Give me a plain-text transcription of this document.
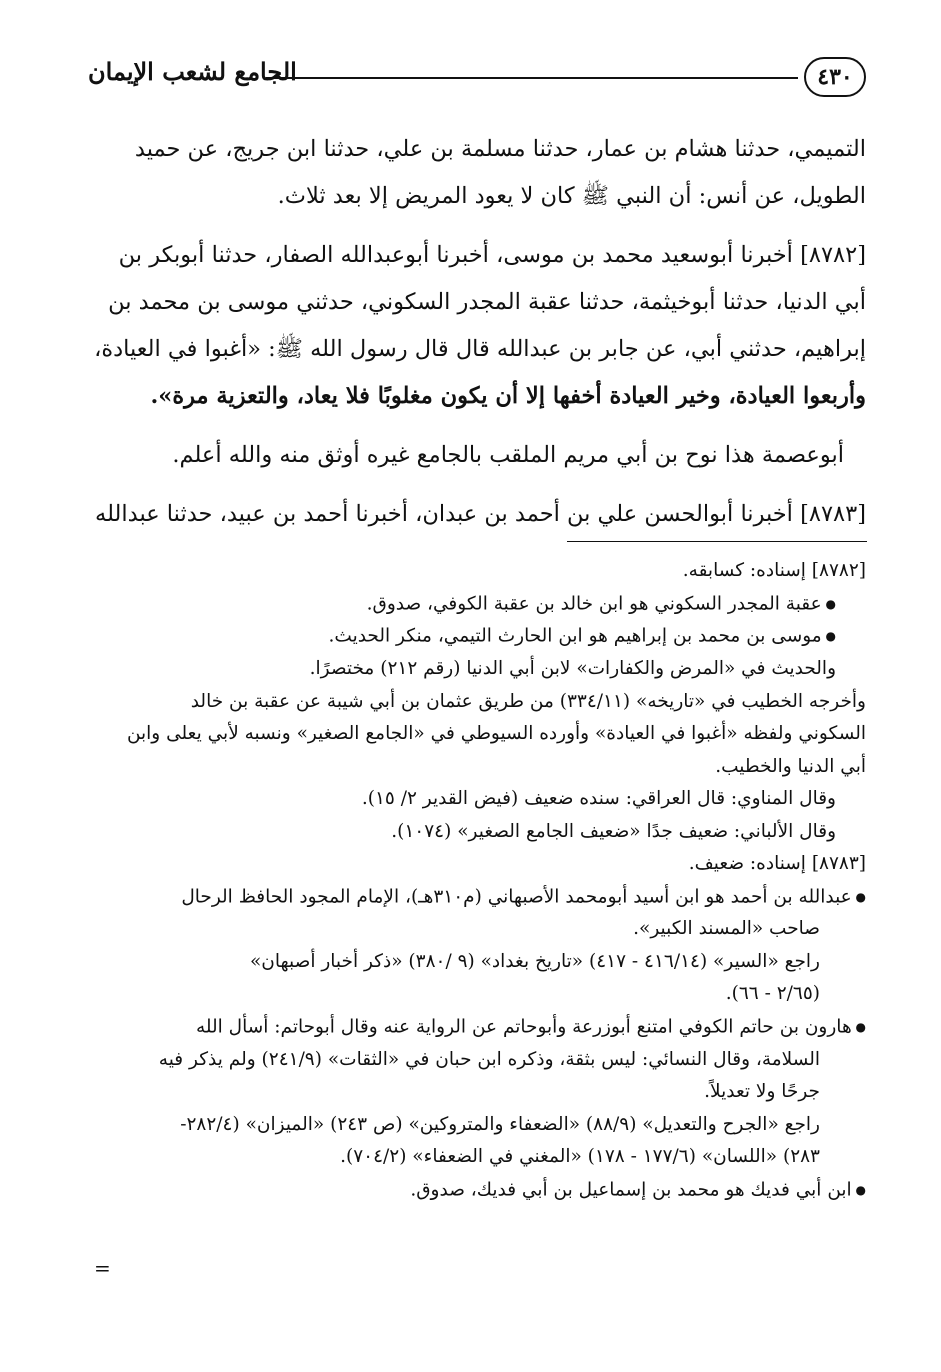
٤٣٠
الجامع لشعب الإيمان

التميمي، حدثنا هشام بن عمار، حدثنا مسلمة بن علي، حدثنا ابن جريج، عن حميد

الطويل، عن أنس: أن النبي ﷺ كان لا يعود المريض إلا بعد ثلاث.

[٨٧٨٢] أخبرنا أبوسعيد محمد بن موسى، أخبرنا أبوعبدالله الصفار، حدثنا أبوبكر بن

أبي الدنيا، حدثنا أبوخيثمة، حدثنا عقبة المجدر السكوني، حدثني موسى بن محمد بن

إبراهيم، حدثني أبي، عن جابر بن عبدالله قال قال رسول الله ﷺ: «أغبوا في العيادة،

وأربعوا العيادة، وخير العيادة أخفها إلا أن يكون مغلوبًا فلا يعاد، والتعزية مرة».

أبوعصمة هذا نوح بن أبي مريم الملقب بالجامع غيره أوثق منه والله أعلم.

[٨٧٨٣] أخبرنا أبوالحسن علي بن أحمد بن عبدان، أخبرنا أحمد بن عبيد، حدثنا عبدالله

[٨٧٨٢] إسناده: كسابقه.

● عقبة المجدر السكوني هو ابن خالد بن عقبة الكوفي، صدوق.

● موسى بن محمد بن إبراهيم هو ابن الحارث التيمي، منكر الحديث.

والحديث في «المرض والكفارات» لابن أبي الدنيا (رقم ٢١٢) مختصرًا.

وأخرجه الخطيب في «تاريخه» (٣٣٤/١١) من طريق عثمان بن أبي شيبة عن عقبة بن خالد

السكوني ولفظه «أغبوا في العيادة» وأورده السيوطي في «الجامع الصغير» ونسبه لأبي يعلى وابن

أبي الدنيا والخطيب.

وقال المناوي: قال العراقي: سنده ضعيف (فيض القدير ٢/ ١٥).

وقال الألباني: ضعيف جدًا «ضعيف الجامع الصغير» (١٠٧٤).

[٨٧٨٣] إسناده: ضعيف.

● عبدالله بن أحمد هو ابن أسيد أبومحمد الأصبهاني (م٣١٠هـ)، الإمام المجود الحافظ الرحال

صاحب «المسند الكبير».

راجع «السير» (٤١٦/١٤ - ٤١٧) «تاريخ بغداد» (٩ /٣٨٠) «ذكر أخبار أصبهان»

(٢/٦٥ - ٦٦).

● هارون بن حاتم الكوفي امتنع أبوزرعة وأبوحاتم عن الرواية عنه وقال أبوحاتم: أسأل الله

السلامة، وقال النسائي: ليس بثقة، وذكره ابن حبان في «الثقات» (٢٤١/٩) ولم يذكر فيه

جرحًا ولا تعديلاً.

راجع «الجرح والتعديل» (٨٨/٩) «الضعفاء والمتروكين» (ص ٢٤٣) «الميزان» (٢٨٢/٤-

٢٨٣) «اللسان» (١٧٧/٦ - ١٧٨) «المغني في الضعفاء» (٧٠٤/٢).

● ابن أبي فديك هو محمد بن إسماعيل بن أبي فديك، صدوق.

=
